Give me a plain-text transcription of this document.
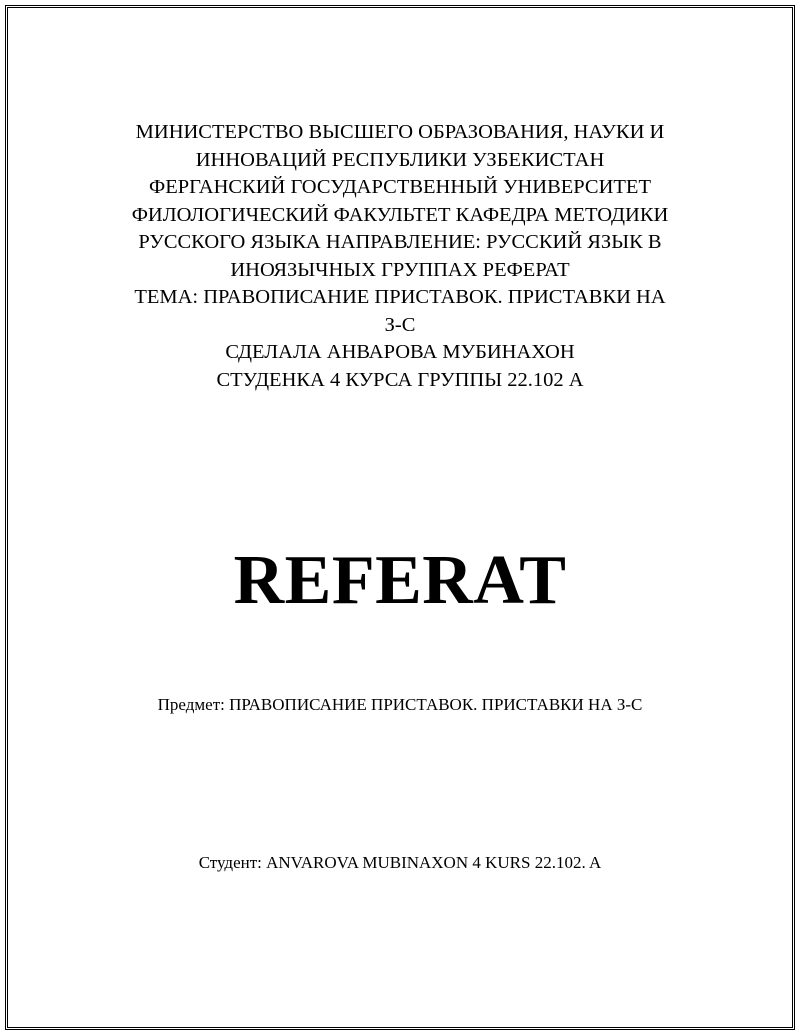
МИНИСТЕРСТВО ВЫСШЕГО ОБРАЗОВАНИЯ, НАУКИ И
ИННОВАЦИЙ РЕСПУБЛИКИ УЗБЕКИСТАН
ФЕРГАНСКИЙ ГОСУДАРСТВЕННЫЙ УНИВЕРСИТЕТ
ФИЛОЛОГИЧЕСКИЙ ФАКУЛЬТЕТ КАФЕДРА МЕТОДИКИ
РУССКОГО ЯЗЫКА НАПРАВЛЕНИЕ: РУССКИЙ ЯЗЫК В
ИНОЯЗЫЧНЫХ ГРУППАХ РЕФЕРАТ
ТЕМА: ПРАВОПИСАНИЕ ПРИСТАВОК. ПРИСТАВКИ НА
З-С
СДЕЛАЛА АНВАРОВА МУБИНАХОН
СТУДЕНКА 4 КУРСА ГРУППЫ 22.102 А
REFERAT
Предмет: ПРАВОПИСАНИЕ ПРИСТАВОК. ПРИСТАВКИ НА З-С
Студент: ANVAROVA MUBINAXON 4 KURS 22.102. A
